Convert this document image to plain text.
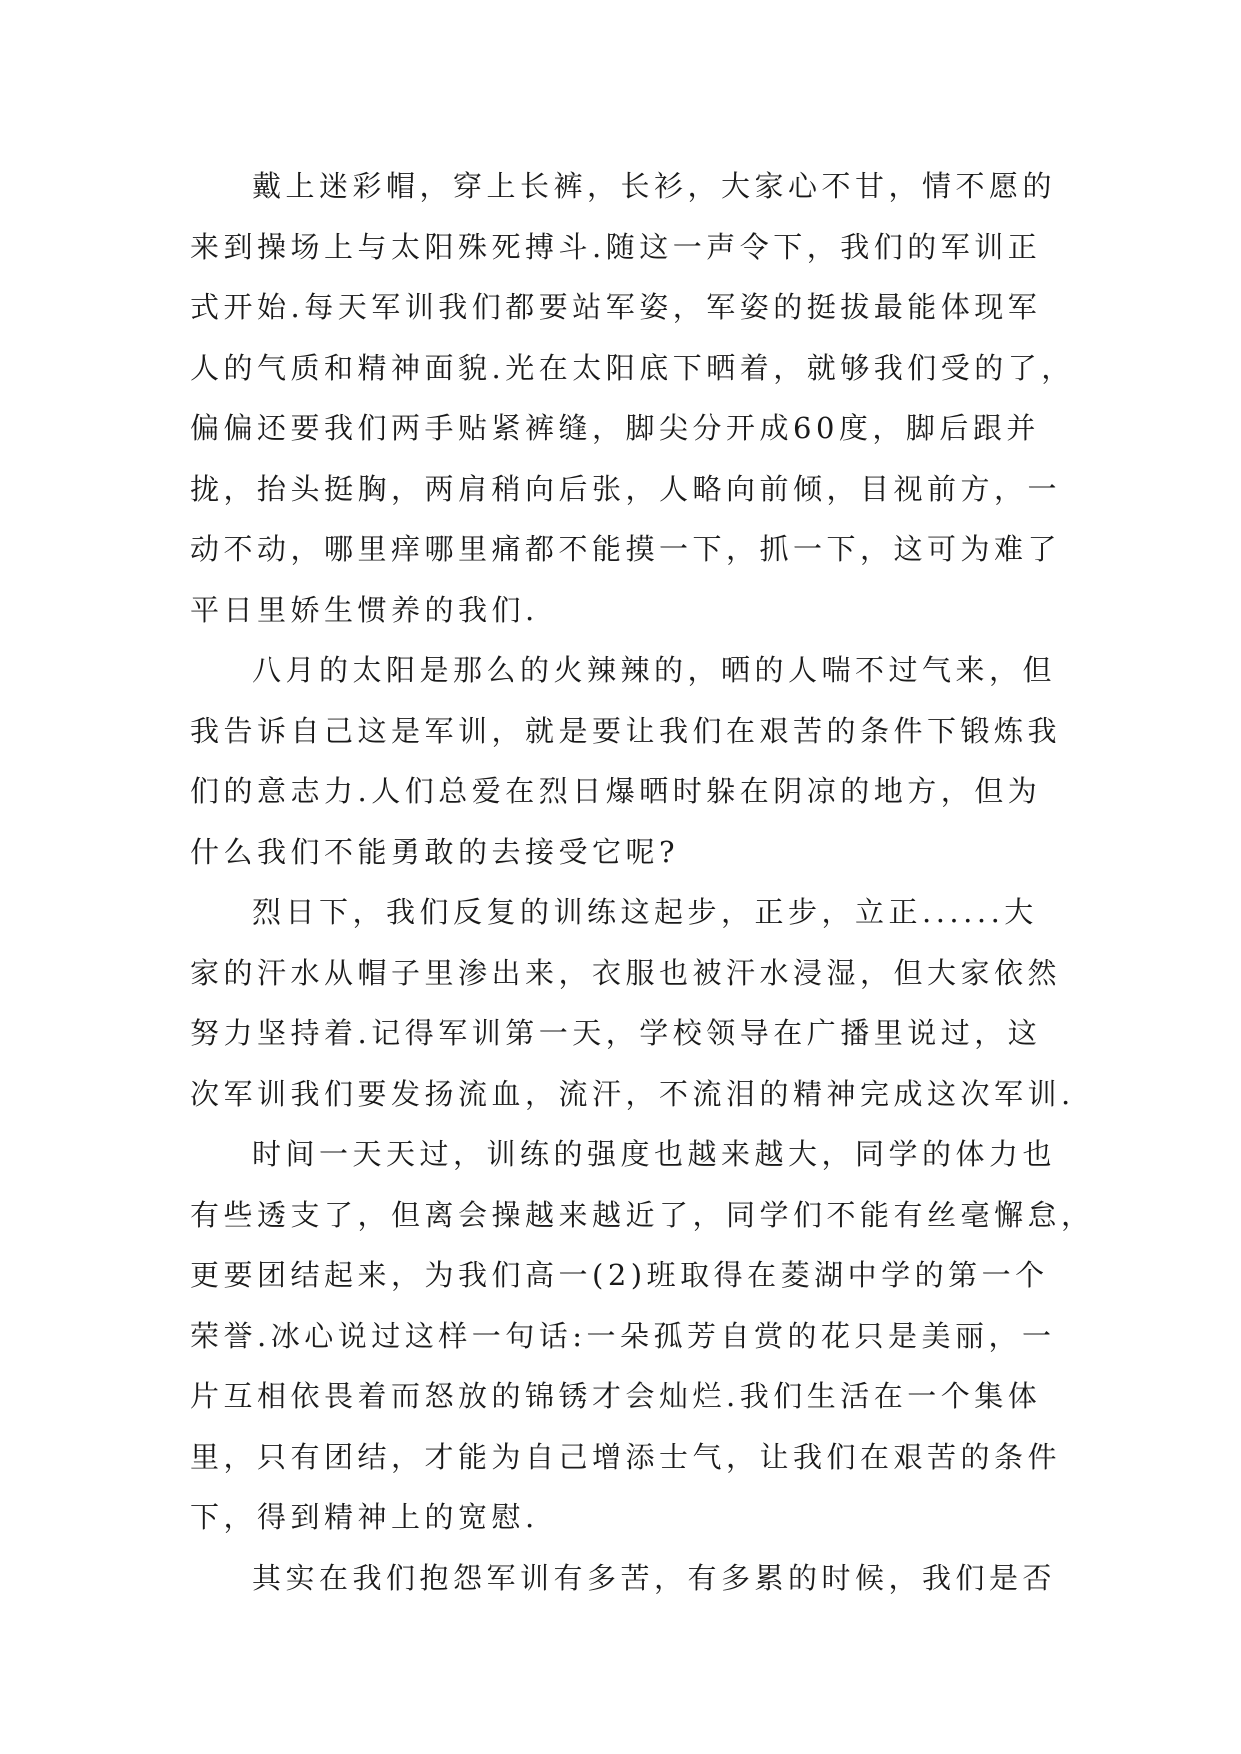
戴上迷彩帽，穿上长裤，长衫，大家心不甘，情不愿的
来到操场上与太阳殊死搏斗.随这一声令下，我们的军训正
式开始.每天军训我们都要站军姿，军姿的挺拔最能体现军
人的气质和精神面貌.光在太阳底下晒着，就够我们受的了，
偏偏还要我们两手贴紧裤缝，脚尖分开成60度，脚后跟并
拢，抬头挺胸，两肩稍向后张，人略向前倾，目视前方，一
动不动，哪里痒哪里痛都不能摸一下，抓一下，这可为难了
平日里娇生惯养的我们.
八月的太阳是那么的火辣辣的，晒的人喘不过气来，但
我告诉自己这是军训，就是要让我们在艰苦的条件下锻炼我
们的意志力.人们总爱在烈日爆晒时躲在阴凉的地方，但为
什么我们不能勇敢的去接受它呢?
烈日下，我们反复的训练这起步，正步，立正......大
家的汗水从帽子里渗出来，衣服也被汗水浸湿，但大家依然
努力坚持着.记得军训第一天，学校领导在广播里说过，这
次军训我们要发扬流血，流汗，不流泪的精神完成这次军训.
时间一天天过，训练的强度也越来越大，同学的体力也
有些透支了，但离会操越来越近了，同学们不能有丝毫懈怠，
更要团结起来，为我们高一(2)班取得在菱湖中学的第一个
荣誉.冰心说过这样一句话:一朵孤芳自赏的花只是美丽，一
片互相依畏着而怒放的锦锈才会灿烂.我们生活在一个集体
里，只有团结，才能为自己增添士气，让我们在艰苦的条件
下，得到精神上的宽慰.
其实在我们抱怨军训有多苦，有多累的时候，我们是否
